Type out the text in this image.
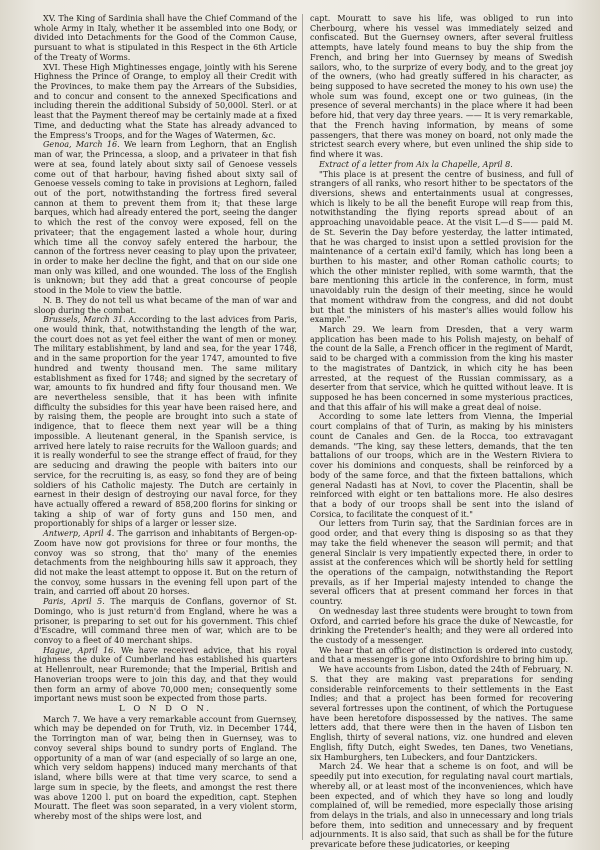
XV. The King of Sardinia shall have the Chief Command of the whole Army in Italy, whether it be assembled into one Body, or divided into Detachments for the Good of the Common Cause, pursuant to what is stipulated in this Respect in the 6th Article of the Treaty of Worms.

XVI. These High Mightinesses engage, jointly with his Serene Highness the Prince of Orange, to employ all their Credit with the Provinces, to make them pay the Arrears of the Subsidies, and to concur and consent to the annexed Specifications and including therein the additional Subsidy of 50,000l. Sterl. or at least that the Payment thereof may be certainly made at a fixed Time, and deducting what the State has already advanced to the Empress's Troops, and for the Wages of Watermen, &c.

Genoa, March 16. We learn from Leghorn, that an English man of war, the Princessa, a sloop, and a privateer in that fish were at sea, found lately about sixty sail of Genoese vessels come out of that harbour, having fished about sixty sail of Genoese vessels coming to take in provisions at Leghorn, failed out of the port, notwithstanding the fortress fired several cannon at them to prevent them from it; that these large barques, which had already entered the port, seeing the danger to which the rest of the convoy were exposed, fell on the privateer; that the engagement lasted a whole hour, during which time all the convoy safely entered the harbour, the cannon of the fortress never ceasing to play upon the privateer, in order to make her decline the fight, and that on our side one man only was killed, and one wounded. The loss of the English is unknown; but they add that a great concourse of people stood in the Mole to view the battle.

N. B. They do not tell us what became of the man of war and sloop during the combat.

Brussels, March 31. According to the last advices from Paris, one would think, that, notwithstanding the length of the war, the court does not as yet feel either the want of men or money. The military establishment, by land and sea, for the year 1748, and in the same proportion for the year 1747, amounted to five hundred and twenty thousand men. The same military establishment as fixed for 1748; and signed by the secretary of war, amounts to fix hundred and fifty four thousand men. We are nevertheless sensible, that it has been with infinite difficulty the subsidies for this year have been raised here, and by raising them, the people are brought into such a state of indigence, that to fleece them next year will be a thing impossible. A lieutenant general, in the Spanish service, is arrived here lately to raise recruits for the Walloon guards; and it is really wonderful to see the strange effect of fraud, for they are seducing and drawing the people with baiters into our service, for the recruiting is, as easy, so fond they are of being soldiers of his Catholic majesty. The Dutch are certainly in earnest in their design of destroying our naval force, for they have actually offered a reward of 858,200 florins for sinking or taking a ship of war of forty guns and 150 men, and proportionably for ships of a larger or lesser size.

Antwerp, April 4. The garrison and inhabitants of Bergen-op-Zoom have now got provisions for three or four months, the convoy was so strong, that tho' many of the enemies detachments from the neighbouring hills saw it approach, they did not make the least attempt to oppose it. But on the return of the convoy, some hussars in the evening fell upon part of the train, and carried off about 20 horses.

Paris, April 5. The marquis de Conflans, governor of St. Domingo, who is just return'd from England, where he was a prisoner, is preparing to set out for his government. This chief d'Escadre, will command three men of war, which are to be convoy to a fleet of 40 merchant ships.

Hague, April 16. We have received advice, that his royal highness the duke of Cumberland has established his quarters at Hellenroult, near Ruremonde; that the Imperial, British and Hanoverian troops were to join this day, and that they would then form an army of above 70,000 men; consequently some important news must soon be expected from those parts.

L O N D O N.

March 7. We have a very remarkable account from Guernsey, which may be depended on for Truth, viz. in December 1744, the Torrington man of war, being then in Guernsey, was to convoy several ships bound to sundry ports of England. The opportunity of a man of war (and especially of so large an one, which very seldom happens) induced many merchants of that island, where bills were at that time very scarce, to send a large sum in specie, by the fleets, and amongst the rest there was above 1200 l. put on board the expedition, capt. Stephen Mouratt. The fleet was soon separated, in a very violent storm, whereby most of the ships were lost, and

capt. Mouratt to save his life, was obliged to run into Cherbourg, where his vessel was immediately seized and confiscated. But the Guernsey owners, after several fruitless attempts, have lately found means to buy the ship from the French, and bring her into Guernsey by means of Swedish sailors, who, to the surprize of every body, and to the great joy of the owners, (who had greatly suffered in his character, as being supposed to have secreted the money to his own use) the whole sum was found, except one or two guineas, (in the presence of several merchants) in the place where it had been before hid, that very day three years. —— It is very remarkable, that the French having information, by means of some passengers, that there was money on board, not only made the strictest search every where, but even unlined the ship side to find where it was.

Extract of a letter from Aix la Chapelle, April 8.

"This place is at present the centre of business, and full of strangers of all ranks, who resort hither to be spectators of the diversions, shews and entertainments usual at congresses, which is likely to be all the benefit Europe will reap from this, notwithstanding the flying reports spread about of an approaching unavoidable peace. At the visit L—d S—— paid M. de St. Severin the Day before yesterday, the latter intimated, that he was charged to insist upon a settled provision for the maintenance of a certain exil'd family, which has long been a burthen to his master, and other Roman catholic courts; to which the other minister replied, with some warmth, that the bare mentioning this article in the conference, in form, must unavoidably ruin the design of their meeting, since he would that moment withdraw from the congress, and did not doubt but that the ministers of his master's allies would follow his example."

March 29. We learn from Dresden, that a very warm application has been made to his Polish majesty, on behalf of the count de la Salle, a French officer in the regiment of Mardt, said to be charged with a commission from the king his master to the magistrates of Dantzick, in which city he has been arrested, at the request of the Russian commissary, as a deserter from that service, which he quitted without leave. It is supposed he has been concerned in some mysterious practices, and that this affair of his will make a great deal of noise.

According to some late letters from Vienna, the Imperial court complains of that of Turin, as making by his ministers count de Canales and Gen. de la Rocca, too extravagant demands. "The king, say these letters, demands, that the ten battalions of our troops, which are in the Western Riviera to cover his dominions and conquests, shall be reinforced by a body of the same force, and that the fixteen battalions, which general Nadasti has at Novi, to cover the Placentin, shall be reinforced with eight or ten battalions more. He also desires that a body of our troops shall be sent into the island of Corsica, to facilitate the conquest of it."

Our letters from Turin say, that the Sardinian forces are in good order, and that every thing is disposing so as that they may take the field whenever the season will permit; and that general Sinclair is very impatiently expected there, in order to assist at the conferences which will be shortly held for settling the operations of the campaign, notwithstanding the Report prevails, as if her Imperial majesty intended to change the several officers that at present command her forces in that country.

On wednesday last three students were brought to town from Oxford, and carried before his grace the duke of Newcastle, for drinking the Pretender's health; and they were all ordered into the custody of a messenger.

We hear that an officer of distinction is ordered into custody, and that a messenger is gone into Oxfordshire to bring him up.

We have accounts from Lisbon, dated the 24th of February, N. S. that they are making vast preparations for sending considerable reinforcements to their settlements in the East Indies; and that a project has been formed for recovering several fortresses upon the continent, of which the Portuguese have been heretofore dispossessed by the natives. The same letters add, that there were then in the haven of Lisbon ten English, thirty of several nations, viz. one hundred and eleven English, fifty Dutch, eight Swedes, ten Danes, two Venetians, six Hamburghers, ten Lubeckers, and four Dantzickers.

March 24. We hear that a scheme is on foot, and will be speedily put into execution, for regulating naval court martials, whereby all, or at least most of the inconveniences, which have been expected, and of which they have so long and loudly complained of, will be remedied, more especially those arising from delays in the trials, and also in unnecessary and long trials before them, into sedition and unnecessary and by frequent adjournments. It is also said, that such as shall be for the future prevaricate before these judicatories, or keeping
